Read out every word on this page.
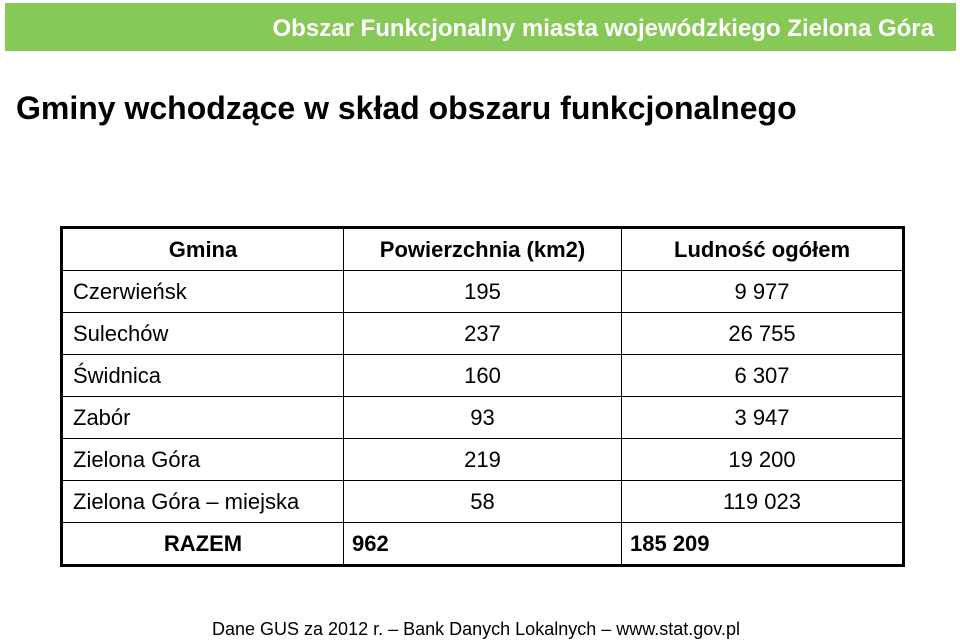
Obszar Funkcjonalny miasta wojewódzkiego Zielona Góra
Gminy wchodzące w skład obszaru funkcjonalnego
Gmina	Powierzchnia (km2)	Ludność ogółem
Czerwieńsk	195	9 977
Sulechów	237	26 755
Świdnica	160	6 307
Zabór	93	3 947
Zielona Góra	219	19 200
Zielona Góra – miejska	58	119 023
RAZEM	962	185 209
Dane GUS za 2012 r. – Bank Danych Lokalnych – www.stat.gov.pl
